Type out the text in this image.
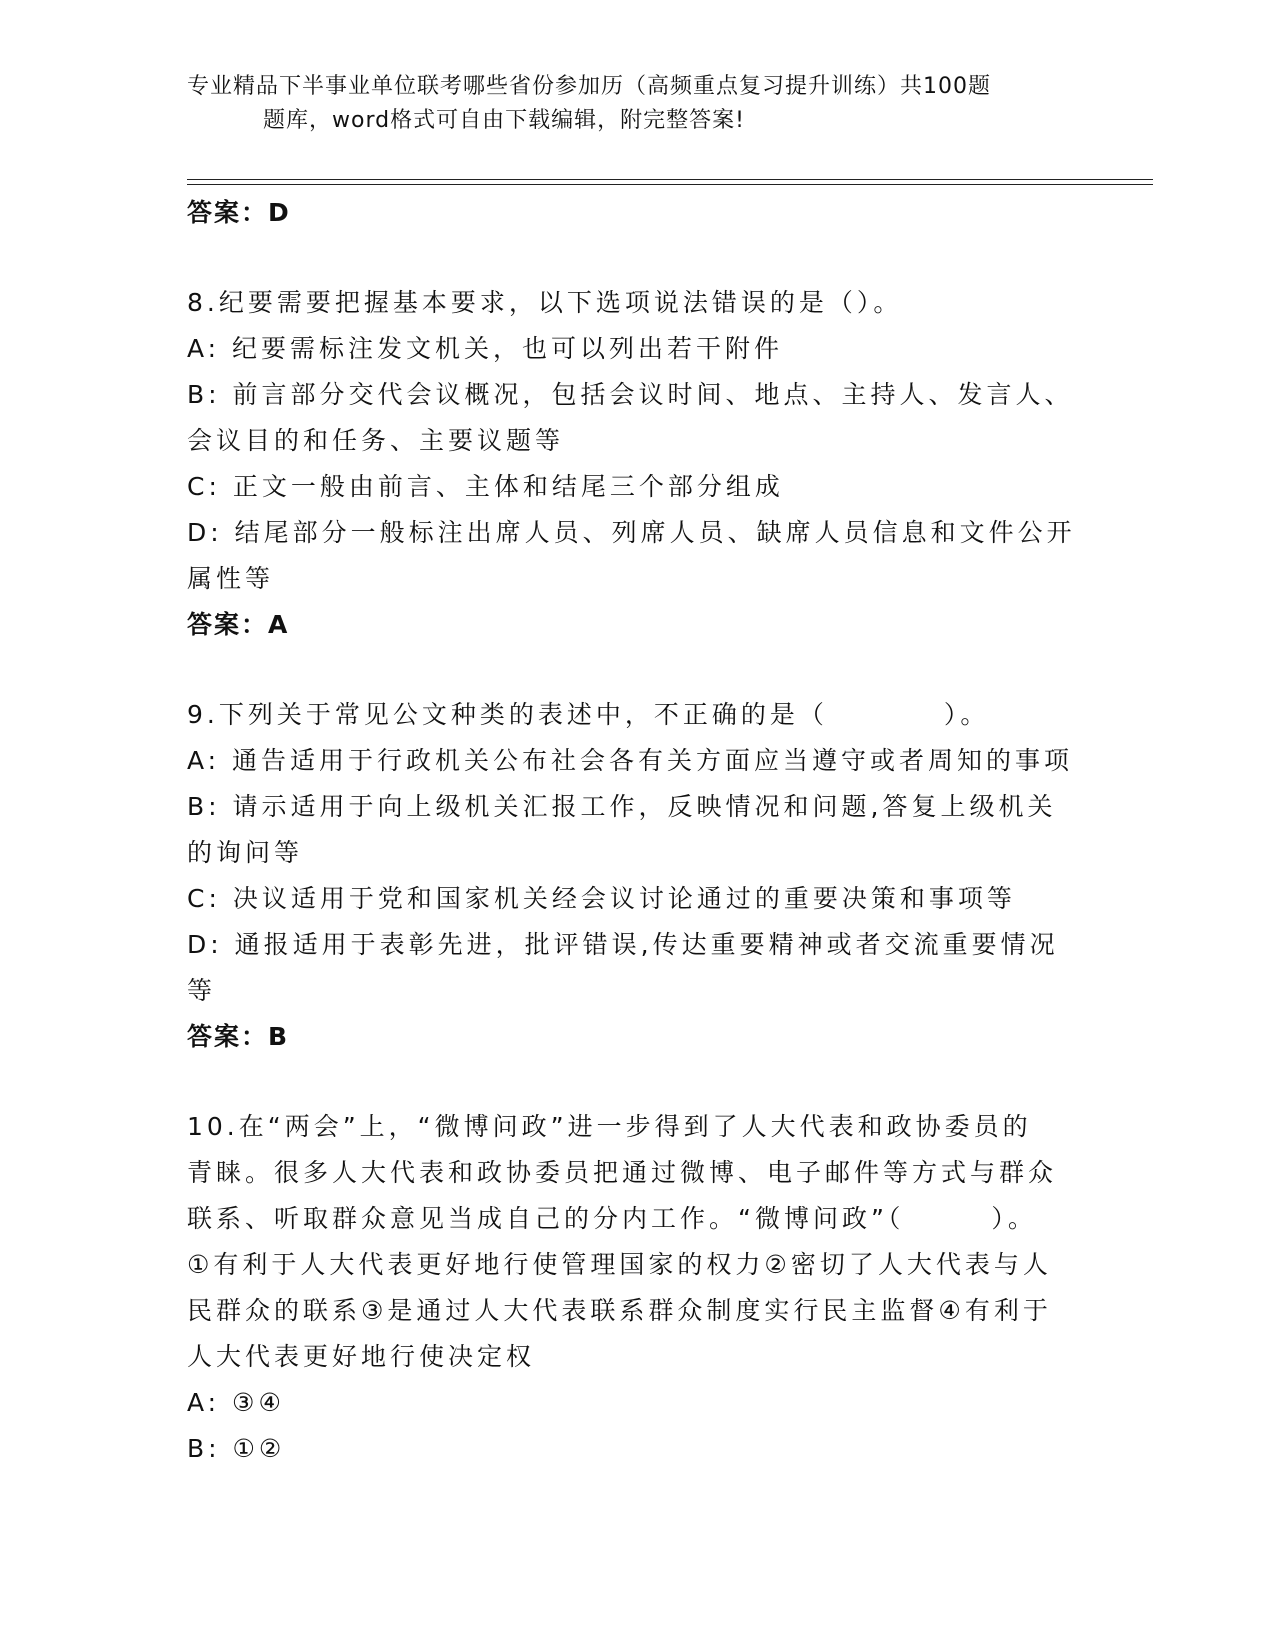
专业精品下半事业单位联考哪些省份参加历（高频重点复习提升训练）共100题
题库，word格式可自由下载编辑，附完整答案!
答案：D
8.纪要需要把握基本要求，以下选项说法错误的是（）。
A: 纪要需标注发文机关，也可以列出若干附件
B: 前言部分交代会议概况，包括会议时间、地点、主持人、发言人、
会议目的和任务、主要议题等
C: 正文一般由前言、主体和结尾三个部分组成
D: 结尾部分一般标注出席人员、列席人员、缺席人员信息和文件公开
属性等
答案：A
9.下列关于常见公文种类的表述中，不正确的是（　　　　）。
A: 通告适用于行政机关公布社会各有关方面应当遵守或者周知的事项
B: 请示适用于向上级机关汇报工作，反映情况和问题,答复上级机关
的询问等
C: 决议适用于党和国家机关经会议讨论通过的重要决策和事项等
D: 通报适用于表彰先进，批评错误,传达重要精神或者交流重要情况
等
答案：B
10.在“两会”上，“微博问政”进一步得到了人大代表和政协委员的
青睐。很多人大代表和政协委员把通过微博、电子邮件等方式与群众
联系、听取群众意见当成自己的分内工作。“微博问政”（　　　）。
①有利于人大代表更好地行使管理国家的权力②密切了人大代表与人
民群众的联系③是通过人大代表联系群众制度实行民主监督④有利于
人大代表更好地行使决定权
A: ③④
B: ①②
